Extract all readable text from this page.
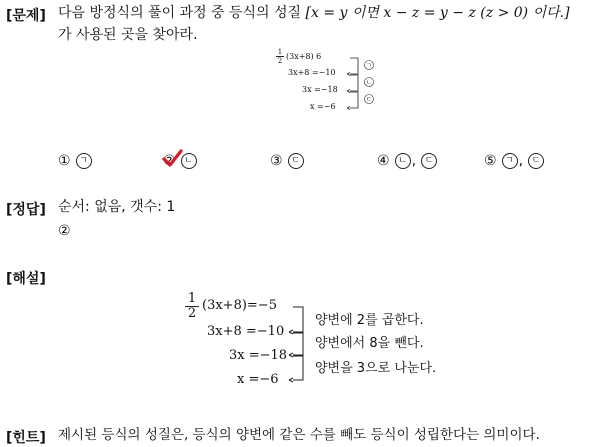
[문제] 다음 방정식의 풀이 과정 중 등식의 성질 [x = y 이면 x − z = y − z (z > 0) 이다.]
가 사용된 곳을 찾아라.
$\frac{1}{2} (3x+8)$ 6
3x+8 =−10
3x =−18
x =−6
ㄱ
ㄴ
ㄷ
① ㄱ	② ㄴ	③ ㄷ	④ ㄴ , ㄷ	⑤ ㄱ , ㄷ
[정답] 순서: 없음, 갯수: 1
②
[해설]
$\frac{1}{2} (3x+8)=-5$
3x+8 =−10
3x =−18
x =−6
양변에 2를 곱한다.
양변에서 8을 뺀다.
양변을 3으로 나눈다.
[힌트] 제시된 등식의 성질은, 등식의 양변에 같은 수를 빼도 등식이 성립한다는 의미이다.
